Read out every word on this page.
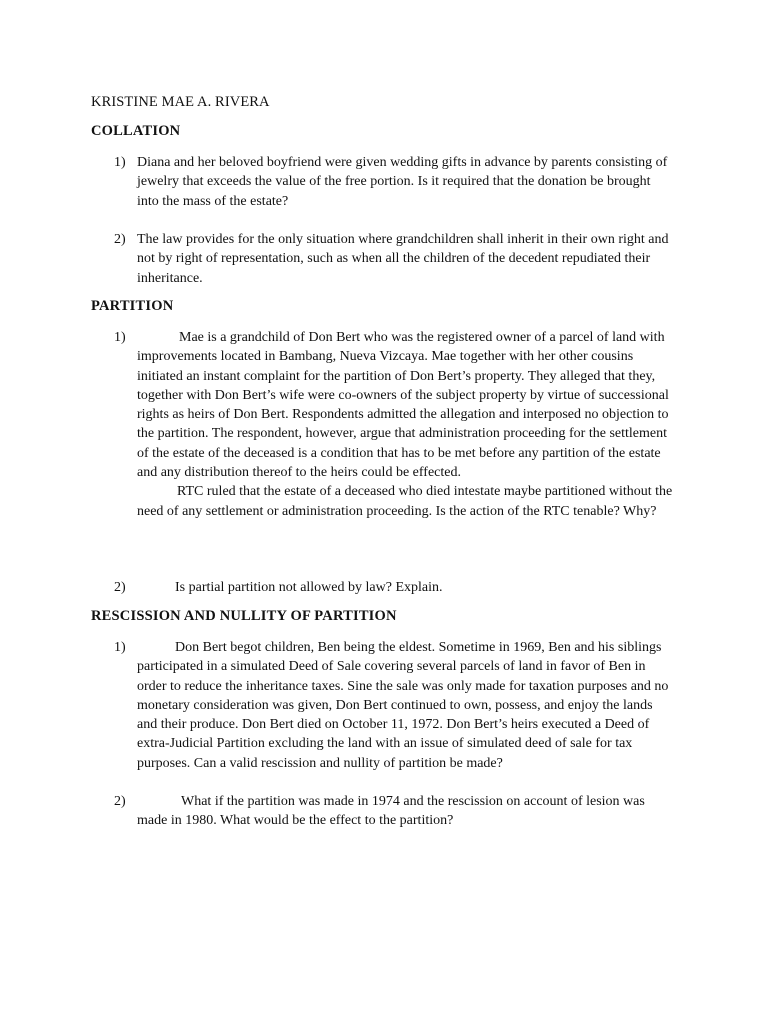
KRISTINE MAE A. RIVERA
COLLATION
1) Diana and her beloved boyfriend were given wedding gifts in advance by parents consisting of jewelry that exceeds the value of the free portion. Is it required that the donation be brought into the mass of the estate?
2) The law provides for the only situation where grandchildren shall inherit in their own right and not by right of representation, such as when all the children of the decedent repudiated their inheritance.
PARTITION
1)	Mae is a grandchild of Don Bert who was the registered owner of a parcel of land with improvements located in Bambang, Nueva Vizcaya. Mae together with her other cousins initiated an instant complaint for the partition of Don Bert’s property. They alleged that they, together with Don Bert’s wife were co-owners of the subject property by virtue of successional rights as heirs of Don Bert. Respondents admitted the allegation and interposed no objection to the partition. The respondent, however, argue that administration proceeding for the settlement of the estate of the deceased is a condition that has to be met before any partition of the estate and any distribution thereof to the heirs could be effected.
RTC ruled that the estate of a deceased who died intestate maybe partitioned without the need of any settlement or administration proceeding. Is the action of the RTC tenable? Why?
2)	Is partial partition not allowed by law? Explain.
RESCISSION AND NULLITY OF PARTITION
1)	Don Bert begot children, Ben being the eldest. Sometime in 1969, Ben and his siblings participated in a simulated Deed of Sale covering several parcels of land in favor of Ben in order to reduce the inheritance taxes. Sine the sale was only made for taxation purposes and no monetary consideration was given, Don Bert continued to own, possess, and enjoy the lands and their produce. Don Bert died on October 11, 1972. Don Bert’s heirs executed a Deed of extra-Judicial Partition excluding the land with an issue of simulated deed of sale for tax purposes. Can a valid rescission and nullity of partition be made?
2)	What if the partition was made in 1974 and the rescission on account of lesion was made in 1980. What would be the effect to the partition?
